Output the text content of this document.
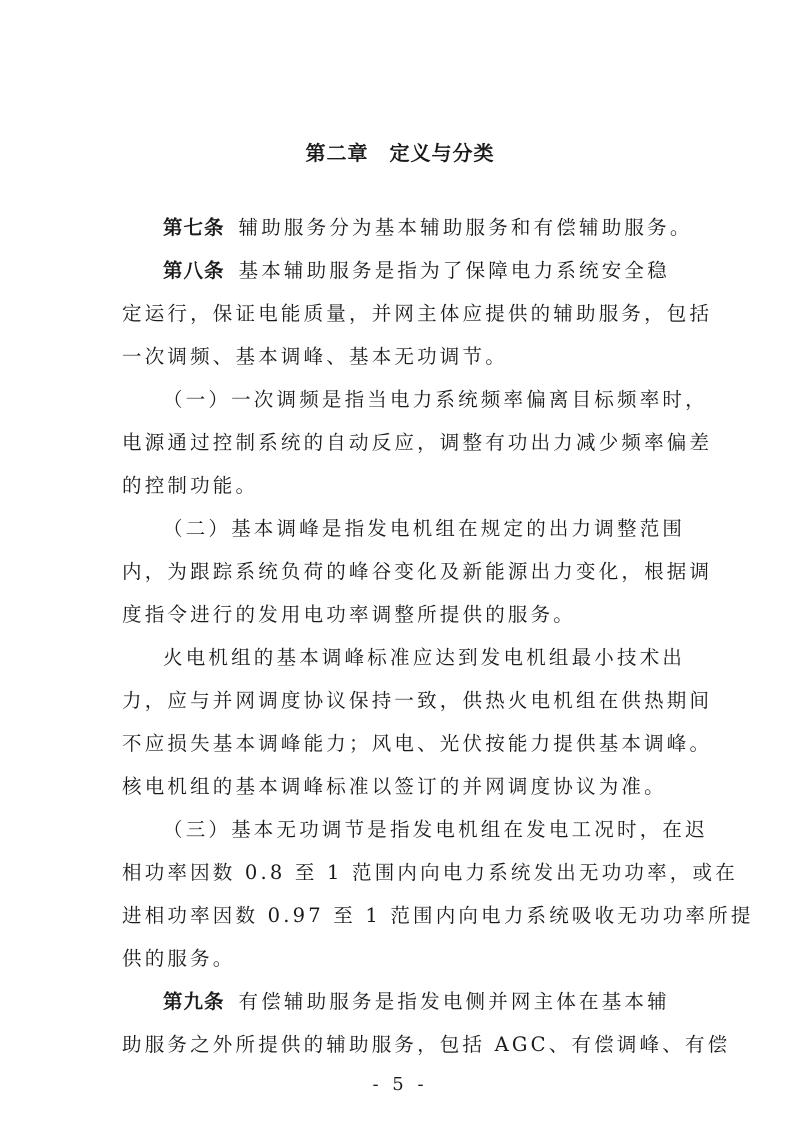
第二章　定义与分类
第七条 辅助服务分为基本辅助服务和有偿辅助服务。
第八条 基本辅助服务是指为了保障电力系统安全稳
定运行，保证电能质量，并网主体应提供的辅助服务，包括
一次调频、基本调峰、基本无功调节。
（一）一次调频是指当电力系统频率偏离目标频率时，
电源通过控制系统的自动反应，调整有功出力减少频率偏差
的控制功能。
（二）基本调峰是指发电机组在规定的出力调整范围
内，为跟踪系统负荷的峰谷变化及新能源出力变化，根据调
度指令进行的发用电功率调整所提供的服务。
火电机组的基本调峰标准应达到发电机组最小技术出
力，应与并网调度协议保持一致，供热火电机组在供热期间
不应损失基本调峰能力；风电、光伏按能力提供基本调峰。
核电机组的基本调峰标准以签订的并网调度协议为准。
（三）基本无功调节是指发电机组在发电工况时，在迟
相功率因数 0.8 至 1 范围内向电力系统发出无功功率，或在
进相功率因数 0.97 至 1 范围内向电力系统吸收无功功率所提
供的服务。
第九条 有偿辅助服务是指发电侧并网主体在基本辅
助服务之外所提供的辅助服务，包括 AGC、有偿调峰、有偿
- 5 -
